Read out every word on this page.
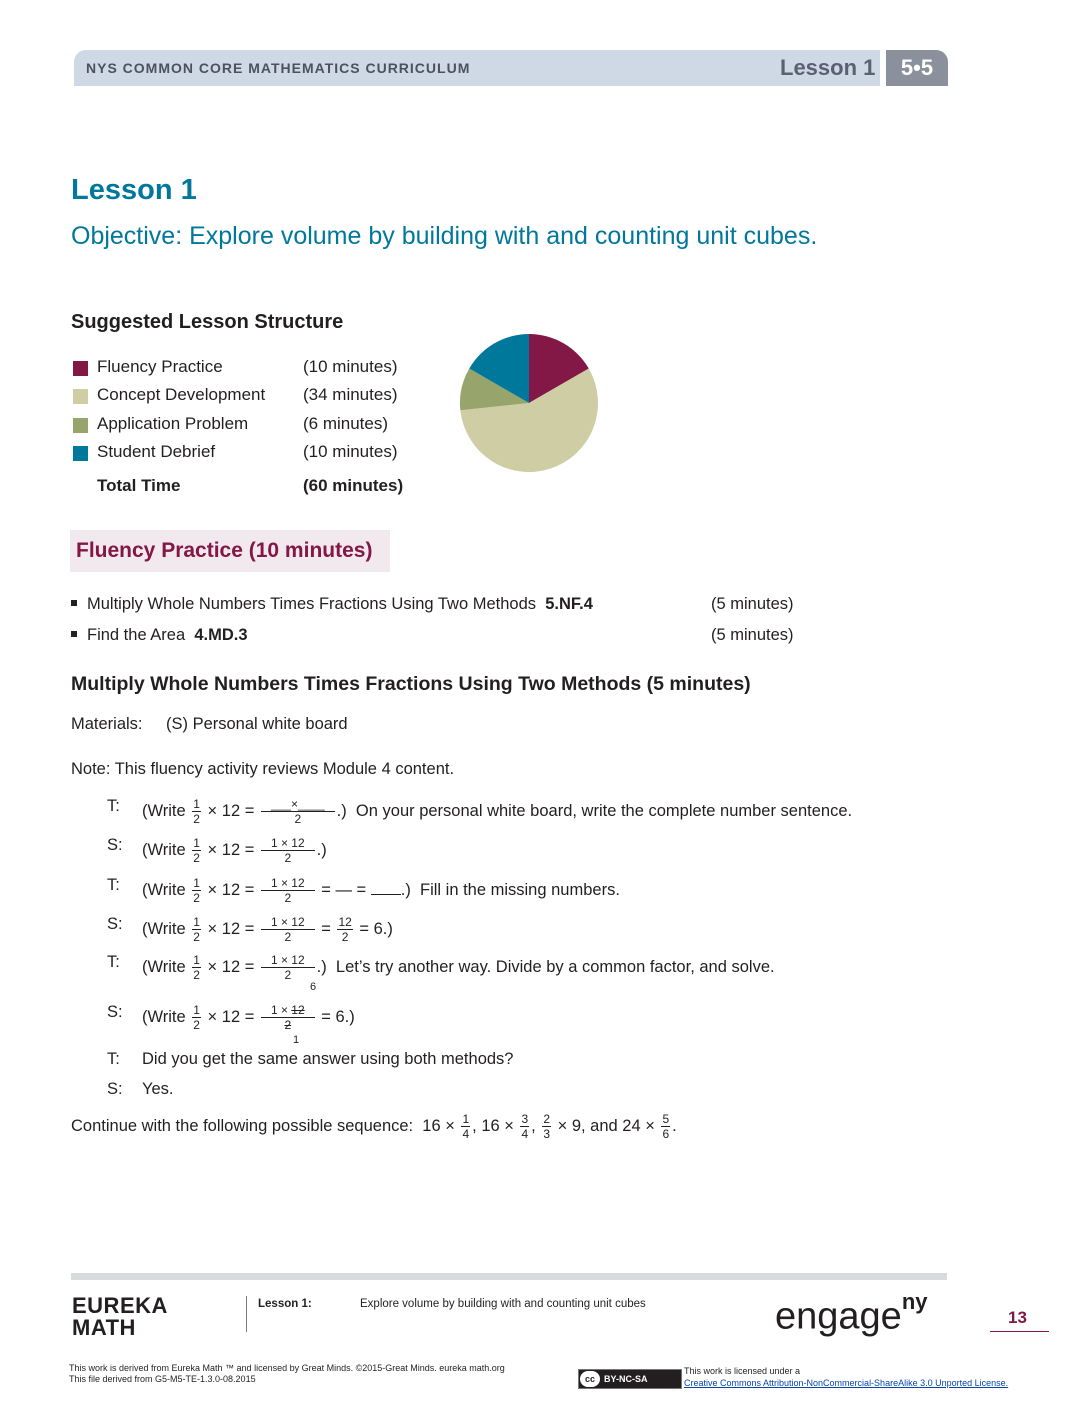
NYS COMMON CORE MATHEMATICS CURRICULUM	Lesson 1	5•5
Lesson 1
Objective: Explore volume by building with and counting unit cubes.
Suggested Lesson Structure
Fluency Practice	(10 minutes)
Concept Development (34 minutes)
Application Problem	(6 minutes)
Student Debrief	(10 minutes)
Total Time	(60 minutes)
Fluency Practice (10 minutes)
Multiply Whole Numbers Times Fractions Using Two Methods 5.NF.4	(5 minutes)
Find the Area 4.MD.3	(5 minutes)
Multiply Whole Numbers Times Fractions Using Two Methods (5 minutes)
Materials: (S) Personal white board
Note: This fluency activity reviews Module 4 content.
T: (Write $\frac{1}{2} \times 12 = \frac{\_\_\_\times\_\_\_\_}{2}$ .)  On your personal white board, write the complete number sentence.
S: (Write $\frac{1}{2} \times 12 = \frac{1 \times 12}{2}$ .)
T: (Write $\frac{1}{2} \times 12 = \frac{1 \times 12}{2}$ = — = .)  Fill in the missing numbers.
S: (Write $\frac{1}{2} \times 12 = \frac{1 \times 12}{2} = \frac{12}{2} = 6$.)
T: (Write $\frac{1}{2} \times 12 = \frac{1 \times 12}{2}$ .)  Let’s try another way. Divide by a common factor, and solve.
S: (Write $\frac{1}{2} \times 12 = \frac{1 \times 12}{2} = 6$.)
6
1
T: Did you get the same answer using both methods?
S: Yes.
Continue with the following possible sequence:  $16 \times \frac{1}{4}$ , $16 \times \frac{3}{4}$ , $\frac{2}{3} \times 9$, and $24 \times \frac{5}{6}$ .
EUREKA
MATH
Lesson 1:	Explore volume by building with and counting unit cubes	engage$^{ny}$
13
This work is derived from Eureka Math ™ and licensed by Great Minds. ©2015-Great Minds. eureka math.org
This file derived from G5-M5-TE-1.3.0-08.2015	cc BY-NC-SA
This work is licensed under a
Creative Commons Attribution-NonCommercial-ShareAlike 3.0 Unported License.
